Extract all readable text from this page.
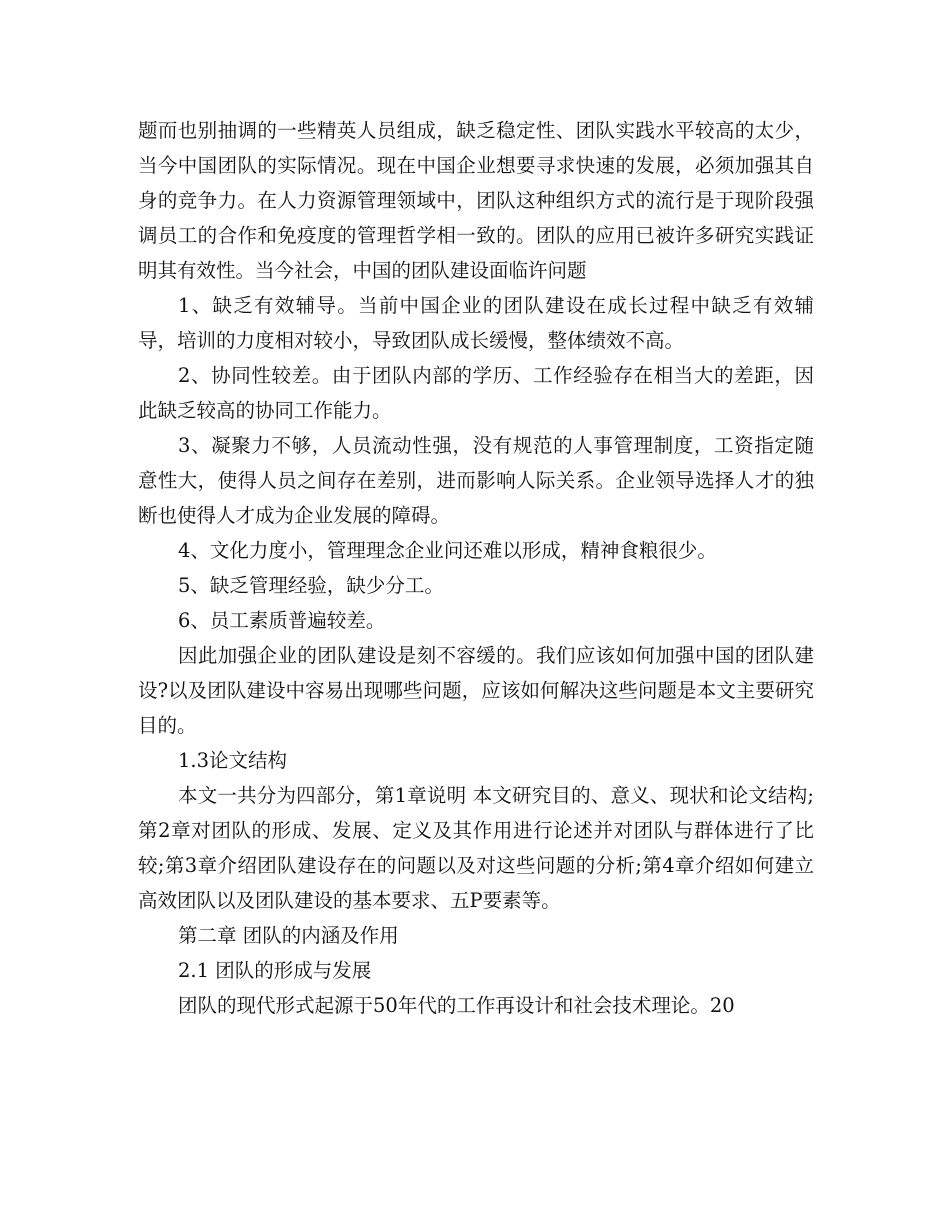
题而也别抽调的一些精英人员组成，缺乏稳定性、团队实践水平较高的太少，当今中国团队的实际情况。现在中国企业想要寻求快速的发展，必须加强其自身的竞争力。在人力资源管理领域中，团队这种组织方式的流行是于现阶段强调员工的合作和免疫度的管理哲学相一致的。团队的应用已被许多研究实践证明其有效性。当今社会，中国的团队建设面临许问题

1、缺乏有效辅导。当前中国企业的团队建设在成长过程中缺乏有效辅导，培训的力度相对较小，导致团队成长缓慢，整体绩效不高。

2、协同性较差。由于团队内部的学历、工作经验存在相当大的差距，因此缺乏较高的协同工作能力。

3、凝聚力不够，人员流动性强，没有规范的人事管理制度，工资指定随意性大，使得人员之间存在差别，进而影响人际关系。企业领导选择人才的独断也使得人才成为企业发展的障碍。

4、文化力度小，管理理念企业问还难以形成，精神食粮很少。

5、缺乏管理经验，缺少分工。

6、员工素质普遍较差。

因此加强企业的团队建设是刻不容缓的。我们应该如何加强中国的团队建设?以及团队建设中容易出现哪些问题，应该如何解决这些问题是本文主要研究目的。

1.3论文结构

本文一共分为四部分，第1章说明 本文研究目的、意义、现状和论文结构;第2章对团队的形成、发展、定义及其作用进行论述并对团队与群体进行了比较;第3章介绍团队建设存在的问题以及对这些问题的分析;第4章介绍如何建立高效团队以及团队建设的基本要求、五P要素等。

第二章 团队的内涵及作用

2.1 团队的形成与发展

团队的现代形式起源于50年代的工作再设计和社会技术理论。20
